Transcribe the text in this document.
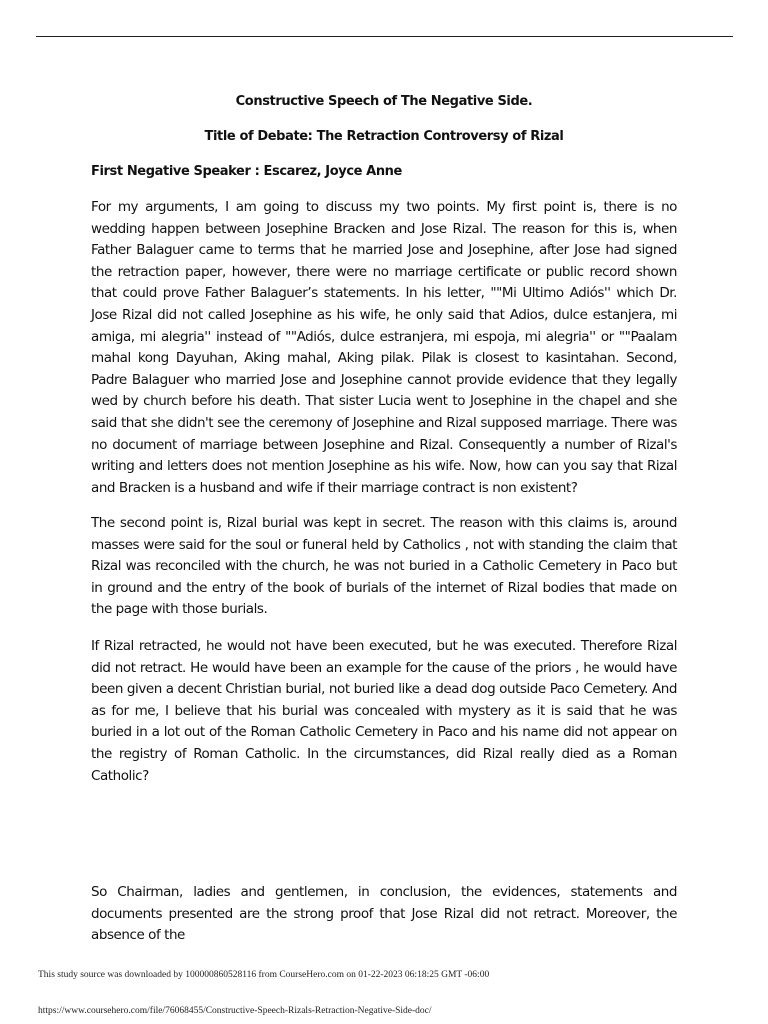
Constructive Speech of The Negative Side.
Title of Debate: The Retraction Controversy of Rizal
First Negative Speaker : Escarez, Joyce Anne
For my arguments, I am going to discuss my two points. My first point is, there is no wedding happen between Josephine Bracken and Jose Rizal. The reason for this is, when Father Balaguer came to terms that he married Jose and Josephine, after Jose had signed the retraction paper, however, there were no marriage certificate or public record shown that could prove Father Balaguer’s statements. In his letter, ""Mi Ultimo Adiós'' which Dr. Jose Rizal did not called Josephine as his wife, he only said that Adios, dulce estanjera, mi amiga, mi alegria'' instead of ""Adiós, dulce estranjera, mi espoja, mi alegria'' or ""Paalam mahal kong Dayuhan, Aking mahal, Aking pilak. Pilak is closest to kasintahan. Second, Padre Balaguer who married Jose and Josephine cannot provide evidence that they legally wed by church before his death. That sister Lucia went to Josephine in the chapel and she said that she didn't see the ceremony of Josephine and Rizal supposed marriage. There was no document of marriage between Josephine and Rizal. Consequently a number of Rizal's writing and letters does not mention Josephine as his wife. Now, how can you say that Rizal and Bracken is a husband and wife if their marriage contract is non existent?
The second point is, Rizal burial was kept in secret. The reason with this claims is, around masses were said for the soul or funeral held by Catholics , not with standing the claim that Rizal was reconciled with the church, he was not buried in a Catholic Cemetery in Paco but in ground and the entry of the book of burials of the internet of Rizal bodies that made on the page with those burials.
If Rizal retracted, he would not have been executed, but he was executed. Therefore Rizal did not retract. He would have been an example for the cause of the priors , he would have been given a decent Christian burial, not buried like a dead dog outside Paco Cemetery. And as for me, I believe that his burial was concealed with mystery as it is said that he was buried in a lot out of the Roman Catholic Cemetery in Paco and his name did not appear on the registry of Roman Catholic. In the circumstances, did Rizal really died as a Roman Catholic?
So Chairman, ladies and gentlemen, in conclusion, the evidences, statements and documents presented are the strong proof that Jose Rizal did not retract. Moreover, the absence of the
This study source was downloaded by 100000860528116 from CourseHero.com on 01-22-2023 06:18:25 GMT -06:00
https://www.coursehero.com/file/76068455/Constructive-Speech-Rizals-Retraction-Negative-Side-doc/
